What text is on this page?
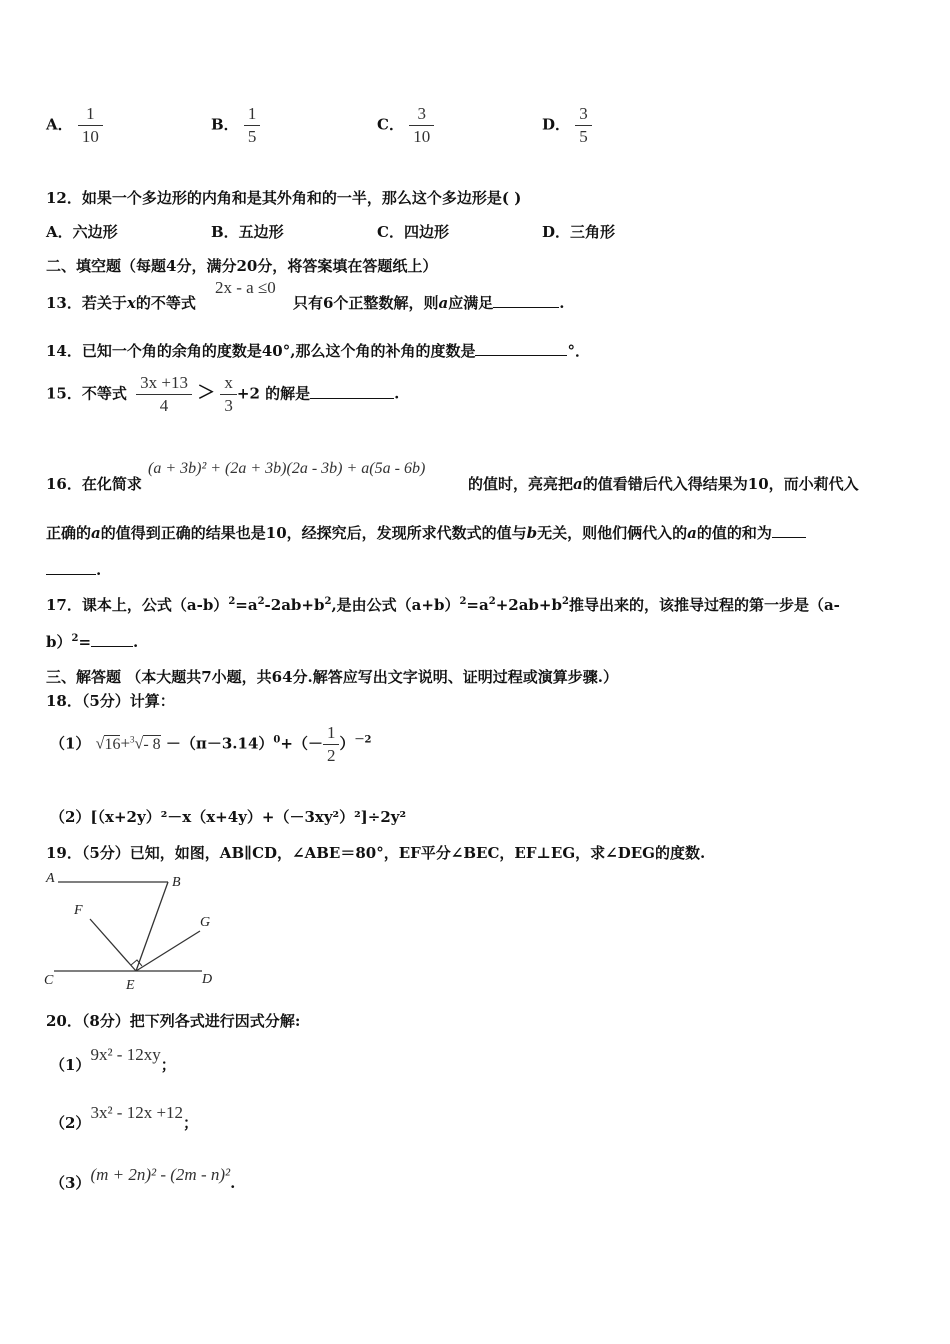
A． $\frac{1}{10}$	B． $\frac{1}{5}$	C． $\frac{3}{10}$	D． $\frac{3}{5}$
12．如果一个多边形的内角和是其外角和的一半，那么这个多边形是( )
A．六边形	B．五边形	C．四边形	D．三角形
二、填空题（每题4分，满分20分，将答案填在答题纸上）
13．若关于x的不等式
2x - a ≤0
只有6个正整数解，则a应满足	.
14．已知一个角的余角的度数是40°,那么这个角的补角的度数是	°．
15．不等式 $\frac{3x +13}{4} > \frac{x}{3} +2$ 的解是	.
16．在化简求
(a + 3b)² + (2a + 3b)(2a - 3b) + a(5a - 6b)
的值时，亮亮把a的值看错后代入得结果为10，而小莉代入
正确的a的值得到正确的结果也是10，经探究后，发现所求代数式的值与b无关，则他们俩代入的a的值的和为
.
17．课本上，公式$(a-b)^2=a^2-2ab+b^2$,是由公式$(a+b)^2=a^2+2ab+b^2$推导出来的，该推导过程的第一步是（a-
b）$^2$=	.
三、解答题 （本大题共7小题，共64分.解答应写出文字说明、证明过程或演算步骤.）
18．（5分）计算：
（1） √16+$^3$√- $8 -(\pi-3.14)^0+(- \frac{1}{2} )^{-2}$
（2）[（x+2y）²－x（x+4y）+（－3xy²）²]÷2y²
19．（5分）已知，如图，AB∥CD，∠ABE＝80°，EF平分∠BEC，EF⊥EG，求∠DEG的度数.
A	B
F
G
C	D
E
20．（8分）把下列各式进行因式分解:
（1）9x² - 12xy；
（2）3x² - 12x +12；
（3）(m + 2n)² - (2m - n)².
